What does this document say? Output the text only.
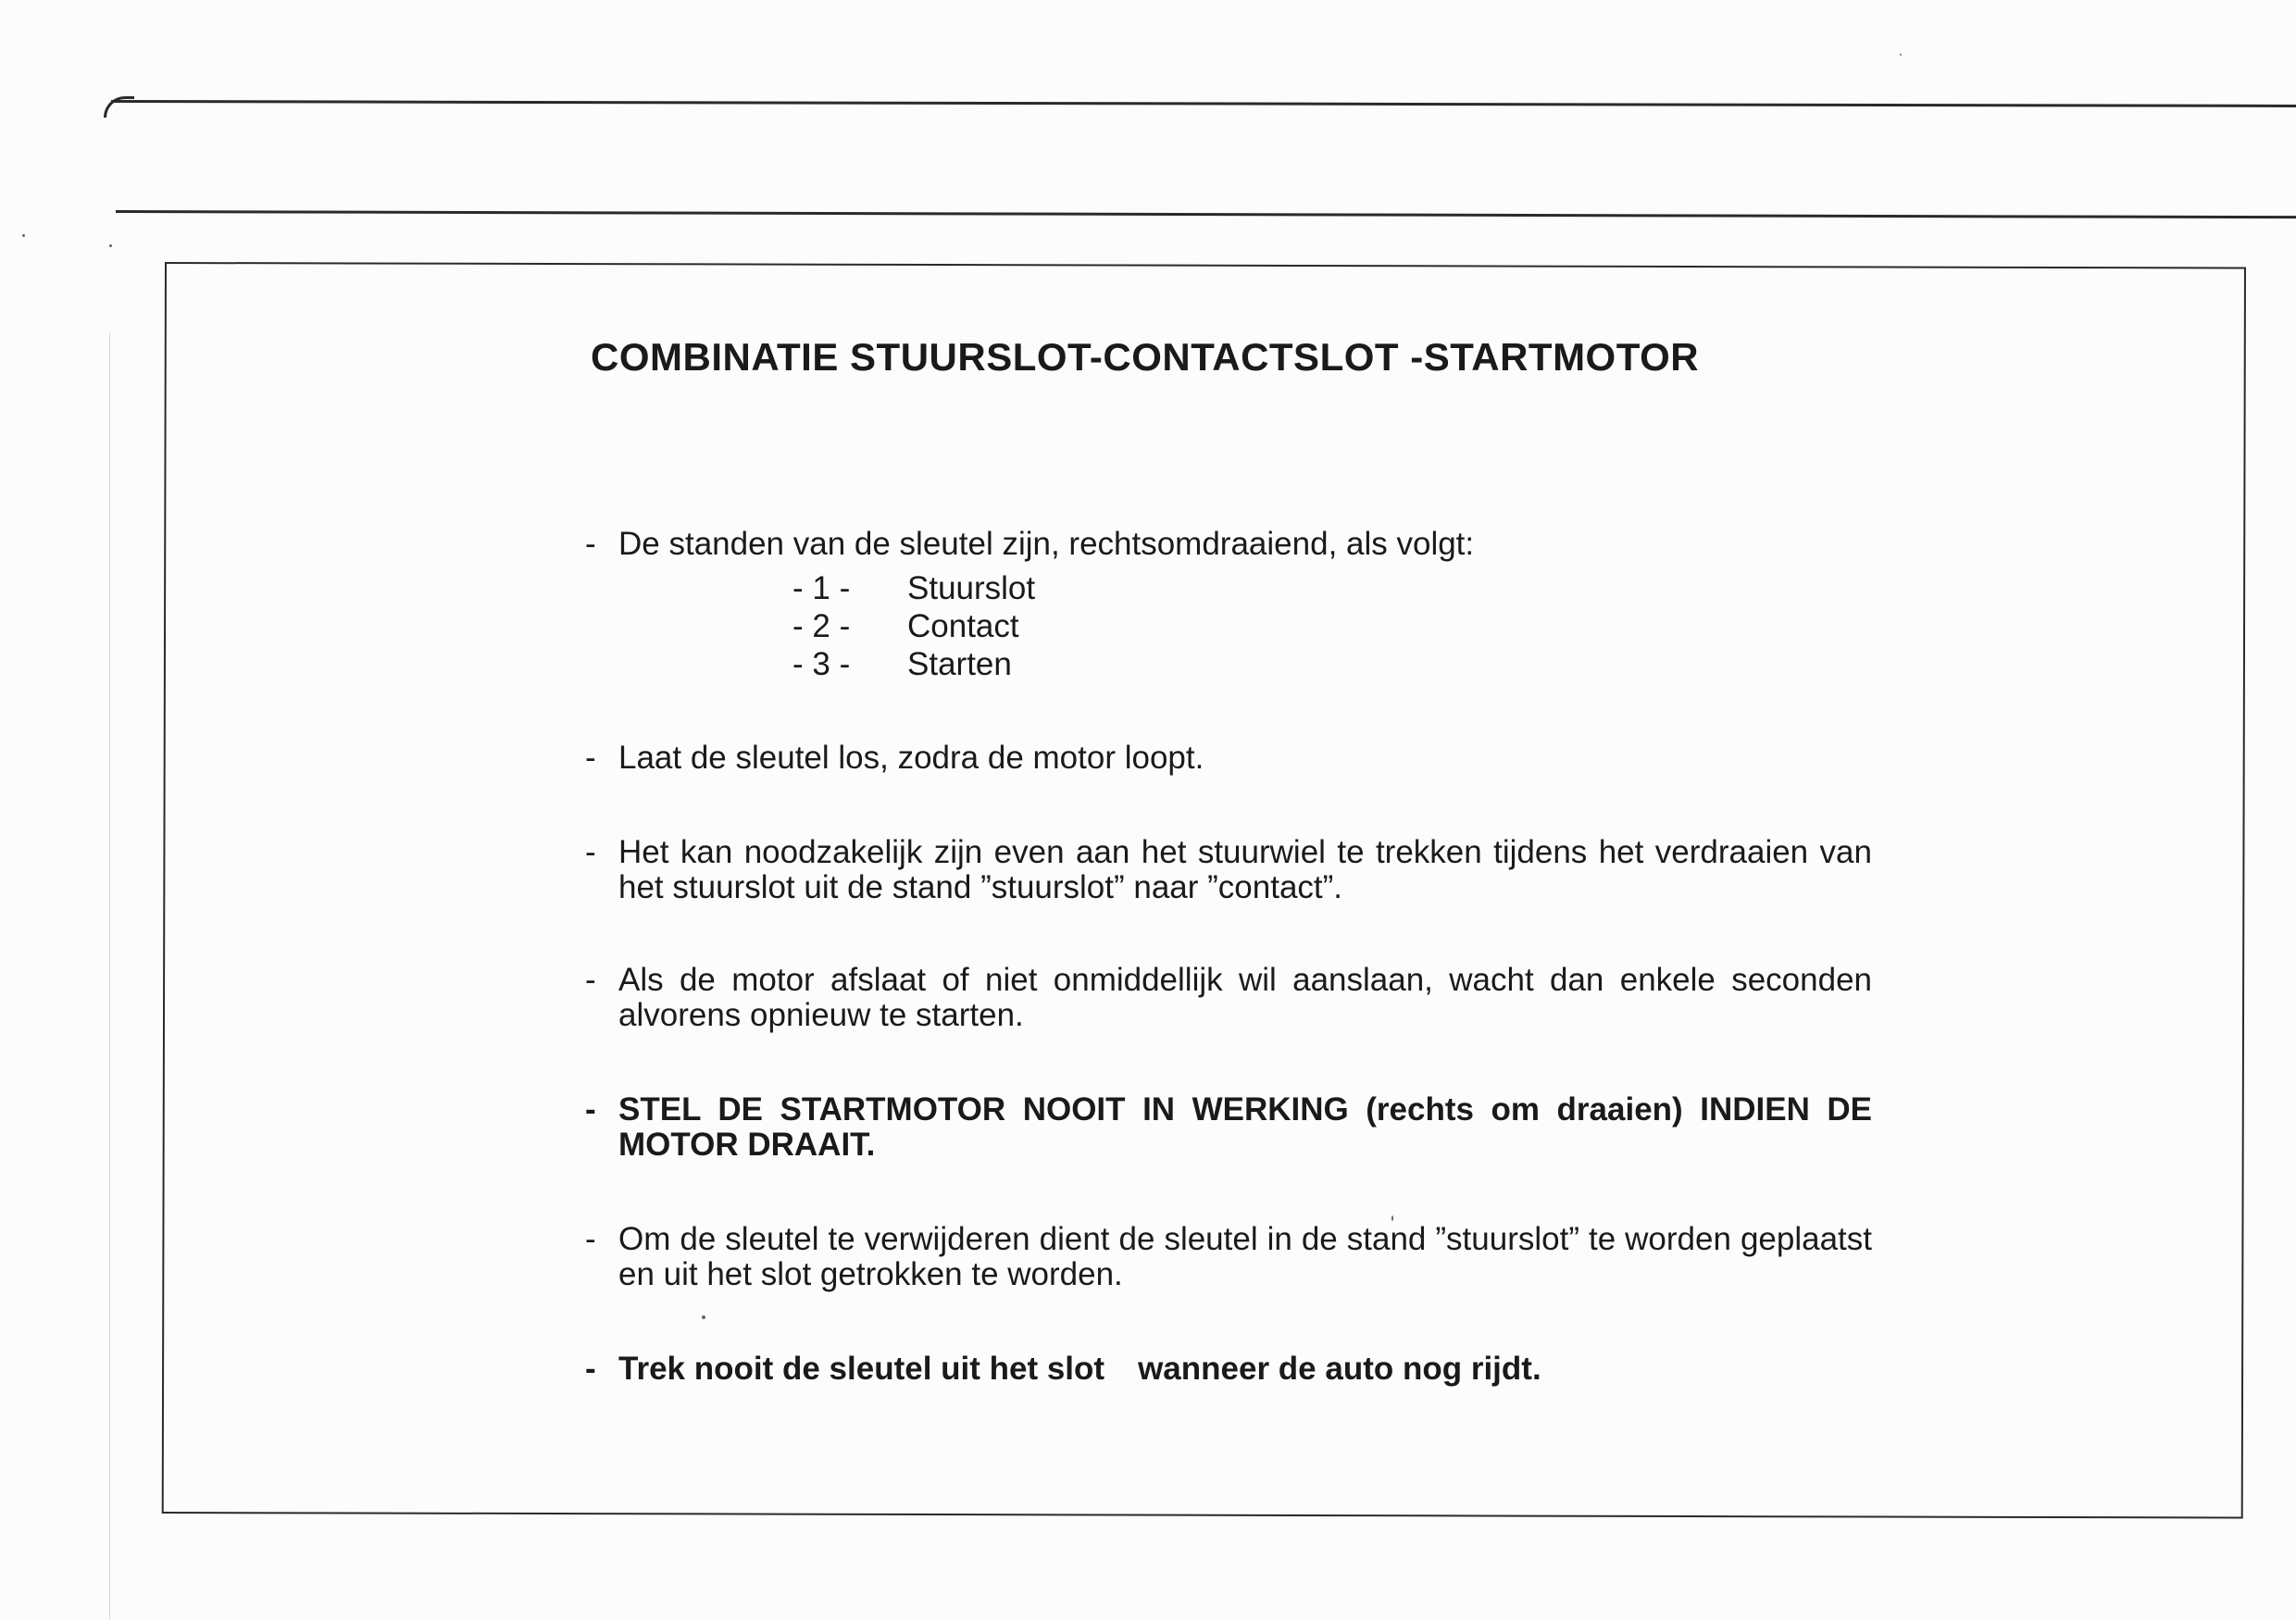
COMBINATIE STUURSLOT-CONTACTSLOT -STARTMOTOR
- De standen van de sleutel zijn, rechtsomdraaiend, als volgt:
- 1 -	Stuurslot
- 2 -	Contact
- 3 -	Starten
- Laat de sleutel los, zodra de motor loopt.
- Het kan noodzakelijk zijn even aan het stuurwiel te trekken tijdens het verdraaien van het stuurslot uit de stand ”stuurslot” naar ”contact”.
- Als de motor afslaat of niet onmiddellijk wil aanslaan, wacht dan enkele seconden alvorens opnieuw te starten.
- STEL DE STARTMOTOR NOOIT IN WERKING (rechts om draaien) INDIEN DE MOTOR DRAAIT.
- Om de sleutel te verwijderen dient de sleutel in de stand ”stuurslot” te worden geplaatst en uit het slot getrokken te worden.
- Trek nooit de sleutel uit het slot wanneer de auto nog rijdt.
